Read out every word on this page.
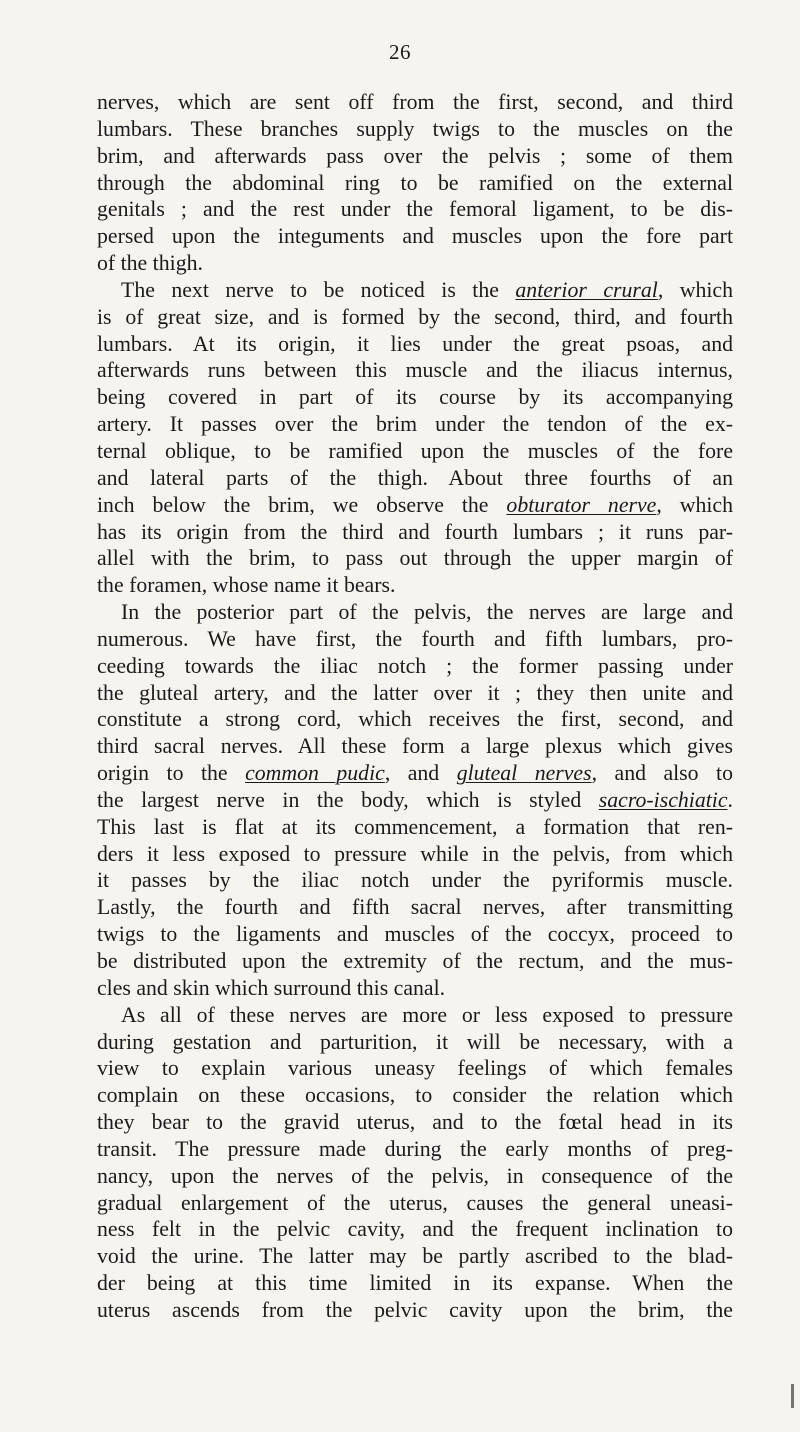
26
nerves, which are sent off from the first, second, and third
lumbars. These branches supply twigs to the muscles on the
brim, and afterwards pass over the pelvis ; some of them
through the abdominal ring to be ramified on the external
genitals ; and the rest under the femoral ligament, to be dis-
persed upon the integuments and muscles upon the fore part
of the thigh.
The next nerve to be noticed is the anterior crural, which
is of great size, and is formed by the second, third, and fourth
lumbars. At its origin, it lies under the great psoas, and
afterwards runs between this muscle and the iliacus internus,
being covered in part of its course by its accompanying
artery. It passes over the brim under the tendon of the ex-
ternal oblique, to be ramified upon the muscles of the fore
and lateral parts of the thigh. About three fourths of an
inch below the brim, we observe the obturator nerve, which
has its origin from the third and fourth lumbars ; it runs par-
allel with the brim, to pass out through the upper margin of
the foramen, whose name it bears.
In the posterior part of the pelvis, the nerves are large and
numerous. We have first, the fourth and fifth lumbars, pro-
ceeding towards the iliac notch ; the former passing under
the gluteal artery, and the latter over it ; they then unite and
constitute a strong cord, which receives the first, second, and
third sacral nerves. All these form a large plexus which gives
origin to the common pudic, and gluteal nerves, and also to
the largest nerve in the body, which is styled sacro-ischiatic.
This last is flat at its commencement, a formation that ren-
ders it less exposed to pressure while in the pelvis, from which
it passes by the iliac notch under the pyriformis muscle.
Lastly, the fourth and fifth sacral nerves, after transmitting
twigs to the ligaments and muscles of the coccyx, proceed to
be distributed upon the extremity of the rectum, and the mus-
cles and skin which surround this canal.
As all of these nerves are more or less exposed to pressure
during gestation and parturition, it will be necessary, with a
view to explain various uneasy feelings of which females
complain on these occasions, to consider the relation which
they bear to the gravid uterus, and to the fœtal head in its
transit. The pressure made during the early months of preg-
nancy, upon the nerves of the pelvis, in consequence of the
gradual enlargement of the uterus, causes the general uneasi-
ness felt in the pelvic cavity, and the frequent inclination to
void the urine. The latter may be partly ascribed to the blad-
der being at this time limited in its expanse. When the
uterus ascends from the pelvic cavity upon the brim, the
